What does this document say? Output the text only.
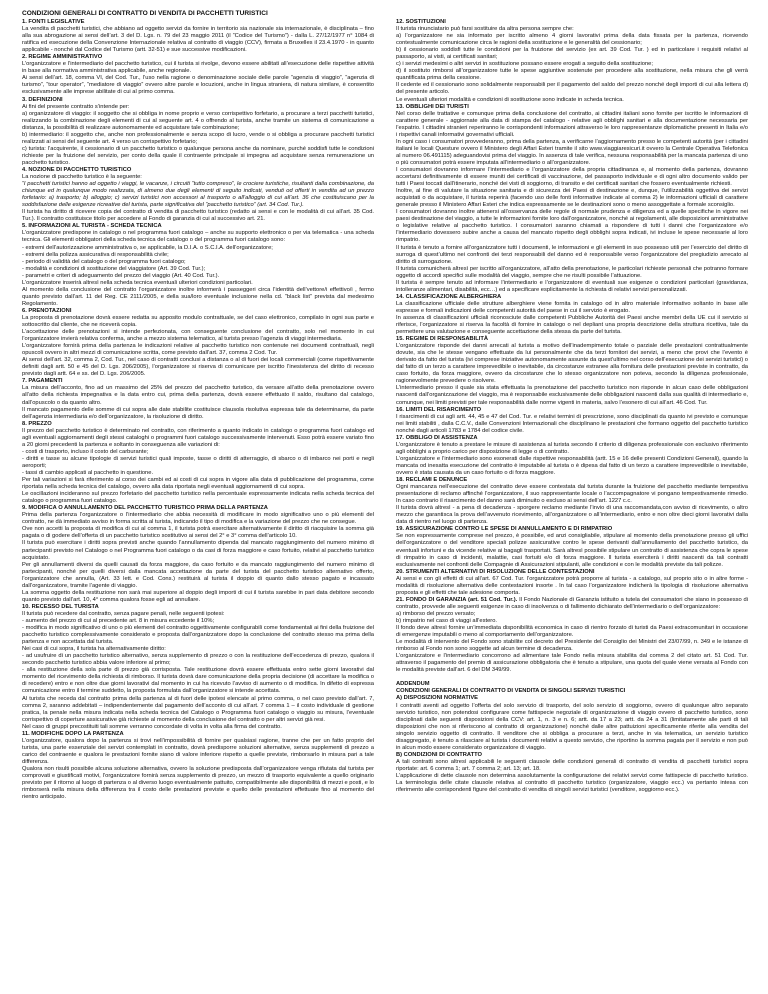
CONDIZIONI GENERALI DI CONTRATTO DI VENDITA DI PACCHETTI TURISTICI
1. FONTI LEGISLATIVE
La vendita di pacchetti turistici, che abbiano ad oggetto servizi da fornire in territorio sia nazionale sia internazionale, è disciplinata – fino alla sua abrogazione ai sensi dell’art. 3 del D. Lgs. n. 79 del 23 maggio 2011 (il “Codice del Turismo”) - dalla L. 27/12/1977 n° 1084 di ratifica ed esecuzione della Convenzione Internazionale relativa al contratto di viaggio (CCV), firmata a Bruxelles il 23.4.1970 - in quanto applicabile - nonché dal Codice del Turismo (artt. 32-51) e sue successive modificazioni.
2. REGIME AMMINISTRATIVO
L’organizzatore e l’intermediario del pacchetto turistico, cui il turista si rivolge, devono essere abilitati all’esecuzione delle rispettive attività in base alla normativa amministrativa applicabile, anche regionale.
Ai sensi dell’art. 18, comma VI, del Cod. Tur., l’uso nella ragione o denominazione sociale delle parole “agenzia di viaggio”, “agenzia di turismo”, “tour operator”, “mediatore di viaggio” ovvero altre parole e locuzioni, anche in lingua straniera, di natura similare, è consentito esclusivamente alle imprese abilitate di cui al primo comma.
3. DEFINIZIONI
Ai fini del presente contratto s’intende per:
a) organizzatore di viaggio: il soggetto che si obbliga in nome proprio e verso corrispettivo forfetario, a procurare a terzi pacchetti turistici, realizzando la combinazione degli elementi di cui al seguente art. 4 o offrendo al turista, anche tramite un sistema di comunicazione a distanza, la possibilità di realizzare autonomamente ed acquistare tale combinazione;
b) intermediario: il soggetto che, anche non professionalmente e senza scopo di lucro, vende o si obbliga a procurare pacchetti turistici realizzati ai sensi del seguente art. 4 verso un corrispettivo forfetario;
c) turista: l’acquirente, il cessionario di un pacchetto turistico o qualunque persona anche da nominare, purché soddisfi tutte le condizioni richieste per la fruizione del servizio, per conto della quale il contraente principale si impegna ad acquistare senza remunerazione un pacchetto turistico.
4. NOZIONE DI PACCHETTO TURISTICO
La nozione di pacchetto turistico è la seguente:
“I pacchetti turistici hanno ad oggetto i viaggi, le vacanze, i circuiti “tutto compreso”, le crociere turistiche, risultanti dalla combinazione, da chiunque ed in qualunque modo realizzata, di almeno due degli elementi di seguito indicati, venduti od offerti in vendita ad un prezzo forfetario: a) trasporto; b) alloggio; c) servizi turistici non accessori al trasporto o all’alloggio di cui all’art. 36 che costituiscano per la soddisfazione delle esigenze ricreative del turista, parte significativa del “pacchetto turistico” (art. 34 Cod. Tur.).
Il turista ha diritto di ricevere copia del contratto di vendita di pacchetto turistico (redatto ai sensi e con le modalità di cui all’art. 35 Cod. Tur.). Il contratto costituisce titolo per accedere al Fondo di garanzia di cui al successivo art. 21.
5. INFORMAZIONI AL TURISTA - SCHEDA TECNICA
L’organizzatore predispone in catalogo o nel programma fuori catalogo – anche su supporto elettronico o per via telematica - una scheda tecnica. Gli elementi obbligatori della scheda tecnica del catalogo o del programma fuori catalogo sono:
- estremi dell’autorizzazione amministrativa o, se applicabile, la D.I.A. o S.C.I.A. dell’organizzatore;
- estremi della polizza assicurativa di responsabilità civile;
- periodo di validità del catalogo o del programma fuori catalogo;
- modalità e condizioni di sostituzione del viaggiatore (Art. 39 Cod. Tur.);
- parametri e criteri di adeguamento del prezzo del viaggio (Art. 40 Cod. Tur.).
L’organizzatore inserirà altresì nella scheda tecnica eventuali ulteriori condizioni particolari.
Al momento della conclusione del contratto l’organizzatore inoltre informerà i passeggeri circa l’identità dell’vettore/i effettivo/i , fermo quanto previsto dall’art. 11 del Reg. CE 2111/2005, e della sua/loro eventuale inclusione nella cd. “black list” prevista dal medesimo Regolamento.
6. PRENOTAZIONI
La proposta di prenotazione dovrà essere redatta su apposito modulo contrattuale, se del caso elettronico, compilato in ogni sua parte e sottoscritto dal cliente, che ne riceverà copia.
L’accettazione delle prenotazioni si intende perfezionata, con conseguente conclusione del contratto, solo nel momento in cui l’organizzatore invierà relativa conferma, anche a mezzo sistema telematico, al turista presso l’agenzia di viaggi intermediaria.
L’organizzatore fornirà prima della partenza le indicazioni relative al pacchetto turistico non contenute nei documenti contrattuali, negli opuscoli ovvero in altri mezzi di comunicazione scritta, come previsto dall’art. 37, comma 2 Cod. Tur.
Ai sensi dell’art. 32, comma 2, Cod. Tur., nel caso di contratti conclusi a distanza o al di fuori dei locali commerciali (come rispettivamente definiti dagli artt. 50 e 45 del D. Lgs. 206/2005), l’organizzatore si riserva di comunicare per iscritto l’inesistenza del diritto di recesso previsto dagli artt. 64 e ss. del D. Lgs. 206/2005.
7. PAGAMENTI
La misura dell’acconto, fino ad un massimo del 25% del prezzo del pacchetto turistico, da versare all’atto della prenotazione ovvero all’atto della richiesta impegnativa e la data entro cui, prima della partenza, dovrà essere effettuato il saldo, risultano dal catalogo, dall’opuscolo o da quanto altro.
Il mancato pagamento delle somme di cui sopra alle date stabilite costituisce clausola risolutiva espressa tale da determinarne, da parte dell’agenzia intermediaria e/o dell’organizzatore, la risoluzione di diritto.
8. PREZZO
Il prezzo del pacchetto turistico è determinato nel contratto, con riferimento a quanto indicato in catalogo o programma fuori catalogo ed agli eventuali aggiornamenti degli stessi cataloghi o programmi fuori catalogo successivamente intervenuti. Esso potrà essere variato fino a 20 giorni precedenti la partenza e soltanto in conseguenza alle variazioni di:
- costi di trasporto, incluso il costo del carburante;
- diritti e tasse su alcune tipologie di servizi turistici quali imposte, tasse o diritti di atterraggio, di sbarco o di imbarco nei porti e negli aeroporti;
- tassi di cambio applicati al pacchetto in questione.
Per tali variazioni si farà riferimento al corso dei cambi ed ai costi di cui sopra in vigore alla data di pubblicazione del programma, come riportata nella scheda tecnica del catalogo, ovvero alla data riportata negli eventuali aggiornamenti di cui sopra.
Le oscillazioni incideranno sul prezzo forfetario del pacchetto turistico nella percentuale espressamente indicata nella scheda tecnica del catalogo o programma fuori catalogo.
9. MODIFICA O ANNULLAMENTO DEL PACCHETTO TURISTICO PRIMA DELLA PARTENZA
Prima della partenza l’organizzatore o l’intermediario che abbia necessità di modificare in modo significativo uno o più elementi del contratto, ne dà immediato avviso in forma scritta al turista, indicando il tipo di modifica e la variazione del prezzo che ne consegue.
Ove non accetti la proposta di modifica di cui al comma 1, il turista potrà esercitare alternativamente il diritto di riacquisire la somma già pagata o di godere dell’offerta di un pacchetto turistico sostitutivo ai sensi del 2° e 3° comma dell’articolo 10.
Il turista può esercitare i diritti sopra previsti anche quando l’annullamento dipenda dal mancato raggiungimento del numero minimo di partecipanti previsto nel Catalogo o nel Programma fuori catalogo o da casi di forza maggiore e caso fortuito, relativi al pacchetto turistico acquistato.
Per gli annullamenti diversi da quelli causati da forza maggiore, da caso fortuito e da mancato raggiungimento del numero minimo di partecipanti, nonché per quelli diversi dalla mancata accettazione da parte del turista del pacchetto turistico alternativo offerto, l’organizzatore che annulla, (Art. 33 lett. e Cod. Cons.) restituirà al turista il doppio di quanto dallo stesso pagato e incassato dall’organizzatore, tramite l’agente di viaggio.
La somma oggetto della restituzione non sarà mai superiore al doppio degli importi di cui il turista sarebbe in pari data debitore secondo quanto previsto dall’art. 10, 4° comma qualora fosse egli ad annullare.
10. RECESSO DEL TURISTA
Il turista può recedere dal contratto, senza pagare penali, nelle seguenti ipotesi:
- aumento del prezzo di cui al precedente art. 8 in misura eccedente il 10%;
- modifica in modo significativo di uno o più elementi del contratto oggettivamente configurabili come fondamentali ai fini della fruizione del pacchetto turistico complessivamente considerato e proposta dall’organizzatore dopo la conclusione del contratto stesso ma prima della partenza e non accettata dal turista.
Nei casi di cui sopra, il turista ha alternativamente diritto:
- ad usufruire di un pacchetto turistico alternativo, senza supplemento di prezzo o con la restituzione dell’eccedenza di prezzo, qualora il secondo pacchetto turistico abbia valore inferiore al primo;
- alla restituzione della sola parte di prezzo già corrisposta. Tale restituzione dovrà essere effettuata entro sette giorni lavorativi dal momento del ricevimento della richiesta di rimborso. Il turista dovrà dare comunicazione della propria decisione (di accettare la modifica o di recedere) entro e non oltre due giorni lavorativi dal momento in cui ha ricevuto l’avviso di aumento o di modifica. In difetto di espressa comunicazione entro il termine suddetto, la proposta formulata dall’organizzatore si intende accettata.
Al turista che receda dal contratto prima della partenza al di fuori delle ipotesi elencate al primo comma, o nel caso previsto dall’art. 7, comma 2, saranno addebitati – indipendentemente dal pagamento dell’acconto di cui all’art. 7 comma 1 – il costo individuale di gestione pratica, la penale nella misura indicata nella scheda tecnica del Catalogo o Programma fuori catalogo o viaggio su misura, l’eventuale corrispettivo di coperture assicurative già richieste al momento della conclusione del contratto o per altri servizi già resi.
Nel caso di gruppi precostituiti tali somme verranno concordate di volta in volta alla firma del contratto.
11. MODIFICHE DOPO LA PARTENZA
L’organizzatore, qualora dopo la partenza si trovi nell’impossibilità di fornire per qualsiasi ragione, tranne che per un fatto proprio del turista, una parte essenziale dei servizi contemplati in contratto, dovrà predisporre soluzioni alternative, senza supplementi di prezzo a carico del contraente e qualora le prestazioni fornite siano di valore inferiore rispetto a quelle previste, rimborsarlo in misura pari a tale differenza.
Qualora non risulti possibile alcuna soluzione alternativa, ovvero la soluzione predisposta dall’organizzatore venga rifiutata dal turista per comprovati e giustificati motivi, l’organizzatore fornirà senza supplemento di prezzo, un mezzo di trasporto equivalente a quello originario previsto per il ritorno al luogo di partenza o al diverso luogo eventualmente pattuito, compatibilmente alle disponibilità di mezzi e posti, e lo rimborserà nella misura della differenza tra il costo delle prestazioni previste e quello delle prestazioni effettuate fino al momento del rientro anticipato.
12. SOSTITUZIONI
Il turista rinunciatario può farsi sostituire da altra persona sempre che:
a) l’organizzatore ne sia informato per iscritto almeno 4 giorni lavorativi prima della data fissata per la partenza, ricevendo contestualmente comunicazione circa le ragioni della sostituzione e le generalità del cessionario;
b) il cessionario soddisfi tutte le condizioni per la fruizione del servizio (ex art. 39 Cod. Tur. ) ed in particolare i requisiti relativi al passaporto, ai visti, ai certificati sanitari;
c) i servizi medesimi o altri servizi in sostituzione possano essere erogati a seguito della sostituzione;
d) il sostituto rimborsi all’organizzatore tutte le spese aggiuntive sostenute per procedere alla sostituzione, nella misura che gli verrà quantificata prima della cessione.
Il cedente ed il cessionario sono solidalmente responsabili per il pagamento del saldo del prezzo nonché degli importi di cui alla lettera d) del presente articolo.
Le eventuali ulteriori modalità e condizioni di sostituzione sono indicate in scheda tecnica.
13. OBBLIGHI DEI TURISTI
Nel corso delle trattative e comunque prima della conclusione del contratto, ai cittadini italiani sono fornite per iscritto le informazioni di carattere generale - aggiornate alla data di stampa del catalogo - relative agli obblighi sanitari e alla documentazione necessaria per l’espatrio. I cittadini stranieri reperiranno le corrispondenti informazioni attraverso le loro rappresentanze diplomatiche presenti in Italia e/o i rispettivi canali informativi governativi ufficiali.
In ogni caso i consumatori provvederanno, prima della partenza, a verificarne l’aggiornamento presso le competenti autorità (per i cittadini italiani le locali Questure ovvero il Ministero degli Affari Esteri tramite il sito www.viaggiaresicuri.it ovvero la Centrale Operativa Telefonica al numero 06.491115) adeguandovisi prima del viaggio. In assenza di tale verifica, nessuna responsabilità per la mancata partenza di uno o più consumatori potrà essere imputata all’intermediario o all’organizzatore.
I consumatori dovranno informare l’intermediario e l’organizzatore della propria cittadinanza e, al momento della partenza, dovranno accertarsi definitivamente di essere muniti dei certificati di vaccinazione, del passaporto individuale e di ogni altro documento valido per tutti i Paesi toccati dall’itinerario, nonché dei visti di soggiorno, di transito e dei certificati sanitari che fossero eventualmente richiesti.
Inoltre, al fine di valutare la situazione sanitaria e di sicurezza dei Paesi di destinazione e, dunque, l’utilizzabilità oggettiva dei servizi acquistati o da acquistare, il turista reperirà (facendo uso delle fonti informative indicate al comma 2) le informazioni ufficiali di carattere generale presso il Ministero Affari Esteri che indica espressamente se le destinazioni sono o meno assoggettate a formale sconsiglio.
I consumatori dovranno inoltre attenersi all’osservanza delle regole di normale prudenza e diligenza ed a quelle specifiche in vigore nei paesi destinazione del viaggio, a tutte le informazioni fornite loro dall’organizzatore, nonché ai regolamenti, alle disposizioni amministrative o legislative relative al pacchetto turistico. I consumatori saranno chiamati a rispondere di tutti i danni che l’organizzatore e/o l’intermediario dovessero subire anche a causa del mancato rispetto degli obblighi sopra indicati, ivi incluse le spese necessarie al loro rimpatrio.
Il turista è tenuto a fornire all’organizzatore tutti i documenti, le informazioni e gli elementi in suo possesso utili per l’esercizio del diritto di surroga di quest’ultimo nei confronti dei terzi responsabili del danno ed è responsabile verso l’organizzatore del pregiudizio arrecato al diritto di surrogazione.
Il turista comunicherà altresì per iscritto all’organizzatore, all’atto della prenotazione, le particolari richieste personali che potranno formare oggetto di accordi specifici sulle modalità del viaggio, sempre che ne risulti possibile l’attuazione.
Il turista è sempre tenuto ad informare l’intermediario e l’organizzatore di eventuali sue esigenze o condizioni particolari (gravidanza, intolleranze alimentari, disabilità, ecc…) ed a specificare esplicitamente la richiesta di relativi servizi personalizzati.
14. CLASSIFICAZIONE ALBERGHIERA
La classificazione ufficiale delle strutture alberghiere viene fornita in catalogo od in altro materiale informativo soltanto in base alle espresse e formali indicazioni delle competenti autorità del paese in cui il servizio è erogato.
In assenza di classificazioni ufficiali riconosciute dalle competenti Pubbliche Autorità dei Paesi anche membri della UE cui il servizio si riferisce, l’organizzatore si riserva la facoltà di fornire in catalogo o nel depliant una propria descrizione della struttura ricettiva, tale da permettere una valutazione e conseguente accettazione della stessa da parte del turista.
15. REGIME DI RESPONSABILITÀ
L’organizzatore risponde dei danni arrecati al turista a motivo dell’inadempimento totale o parziale delle prestazioni contrattualmente dovute, sia che le stesse vengano effettuate da lui personalmente che da terzi fornitori dei servizi, a meno che provi che l’evento è derivato da fatto del turista (ivi comprese iniziative autonomamente assunte da quest’ultimo nel corso dell’esecuzione dei servizi turistici) o dal fatto di un terzo a carattere imprevedibile o inevitabile, da circostanze estranee alla fornitura delle prestazioni previste in contratto, da caso fortuito, da forza maggiore, ovvero da circostanze che lo stesso organizzatore non poteva, secondo la diligenza professionale, ragionevolmente prevedere o risolvere.
L’intermediario presso il quale sia stata effettuata la prenotazione del pacchetto turistico non risponde in alcun caso delle obbligazioni nascenti dall’organizzazione del viaggio, ma è responsabile esclusivamente delle obbligazioni nascenti dalla sua qualità di intermediario e, comunque, nei limiti previsti per tale responsabilità dalle norme vigenti in materia, salvo l’esonero di cui all’art. 46 Cod. Tur.
16. LIMITI DEL RISARCIMENTO
I risarcimenti di cui agli artt. 44, 45 e 47 del Cod. Tur. e relativi termini di prescrizione, sono disciplinati da quanto ivi previsto e comunque nei limiti stabiliti , dalla C.C.V., dalle Convenzioni Internazionali che disciplinano le prestazioni che formano oggetto del pacchetto turistico nonché dagli articoli 1783 e 1784 del codice civile.
17. OBBLIGO DI ASSISTENZA
L’organizzatore è tenuto a prestare le misure di assistenza al turista secondo il criterio di diligenza professionale con esclusivo riferimento agli obblighi a proprio carico per disposizione di legge o di contratto.
L’organizzatore e l’intermediario sono esonerati dalle rispettive responsabilità (artt. 15 e 16 delle presenti Condizioni Generali), quando la mancata od inesatta esecuzione del contratto è imputabile al turista o è dipesa dal fatto di un terzo a carattere imprevedibile o inevitabile, ovvero è stata causata da un caso fortuito o di forza maggiore.
18. RECLAMI E DENUNCE
Ogni mancanza nell’esecuzione del contratto deve essere contestata dal turista durante la fruizione del pacchetto mediante tempestiva presentazione di reclamo affinché l’organizzatore, il suo rappresentante locale o l’accompagnatore vi pongano tempestivamente rimedio. In caso contrario il risarcimento del danno sarà diminuito o escluso ai sensi dell’art. 1227 c.c.
Il turista dovrà altresì - a pena di decadenza - sporgere reclamo mediante l’invio di una raccomandata,con avviso di ricevimento, o altro mezzo che garantisca la prova dell’avvenuto ricevimento, all’organizzatore o all’intermediario, entro e non oltre dieci giorni lavorativi dalla data di rientro nel luogo di partenza.
19. ASSICURAZIONE CONTRO LE SPESE DI ANNULLAMENTO E DI RIMPATRIO
Se non espressamente comprese nel prezzo, è possibile, ed anzi consigliabile, stipulare al momento della prenotazione presso gli uffici dell’organizzatore o del venditore speciali polizze assicurative contro le spese derivanti dall’annullamento del pacchetto turistico, da eventuali infortuni e da vicende relative ai bagagli trasportati. Sarà altresì possibile stipulare un contratto di assistenza che copra le spese di rimpatrio in caso di incidenti, malattie, casi fortuiti e/o di forza maggiore. Il turista eserciterà i diritti nascenti da tali contratti esclusivamente nei confronti delle Compagnie di Assicurazioni stipulanti, alle condizioni e con le modalità previste da tali polizze.
20. STRUMENTI ALTERNATIVI DI RISOLUZIONE DELLE CONTESTAZIONI
Ai sensi e con gli effetti di cui all’art. 67 Cod. Tur. l’organizzatore potrà proporre al turista - a catalogo, sul proprio sito o in altre forme - modalità di risoluzione alternativa delle contestazioni insorte . In tal caso l’organizzatore indicherà la tipologia di risoluzione alternativa proposta e gli effetti che tale adesione comporta.
21. FONDO DI GARANZIA (art. 51 Cod. Tur.). Il Fondo Nazionale di Garanzia istituito a tutela dei consumatori che siano in possesso di contratto, provvede alle seguenti esigenze in caso di insolvenza o di fallimento dichiarato dell’intermediario o dell’organizzatore:
a) rimborso del prezzo versato;
b) rimpatrio nel caso di viaggi all’estero.
Il fondo deve altresì fornire un’immediata disponibilità economica in caso di rientro forzato di turisti da Paesi extracomunitari in occasione di emergenze imputabili o meno al comportamento dell’organizzatore.
Le modalità di intervento del Fondo sono stabilite col decreto del Presidente del Consiglio dei Ministri del 23/07/99, n. 349 e le istanze di rimborso al Fondo non sono soggette ad alcun termine di decadenza.
L’organizzatore e l’intermediario concorrono ad alimentare tale Fondo nella misura stabilita dal comma 2 del citato art. 51 Cod. Tur. attraverso il pagamento del premio di assicurazione obbligatoria che è tenuto a stipulare, una quota del quale viene versata al Fondo con le modalità previste dall’art. 6 del DM 349/99.
ADDENDUM
CONDIZIONI GENERALI DI CONTRATTO DI VENDITA DI SINGOLI SERVIZI TURISTICI
A) DISPOSIZIONI NORMATIVE
I contratti aventi ad oggetto l’offerta del solo servizio di trasporto, del solo servizio di soggiorno, ovvero di qualunque altro separato servizio turistico, non potendosi configurare come fattispecie negoziale di organizzazione di viaggio ovvero di pacchetto turistico, sono disciplinati dalle seguenti disposizioni della CCV: art. 1, n. 3 e n. 6; artt. da 17 a 23; artt. da 24 a 31 (limitatamente alle parti di tali disposizioni che non si riferiscono al contratto di organizzazione) nonché dalle altre pattuizioni specificamente riferite alla vendita del singolo servizio oggetto di contratto. Il venditore che si obbliga a procurare a terzi, anche in via telematica, un servizio turistico disaggregato, è tenuto a rilasciare al turista i documenti relativi a questo servizio, che riportino la somma pagata per il servizio e non può in alcun modo essere considerato organizzatore di viaggio.
B) CONDIZIONI DI CONTRATTO
A tali contratti sono altresì applicabili le seguenti clausole delle condizioni generali di contratto di vendita di pacchetti turistici sopra riportate: art. 6 comma 1; art. 7 comma 2; art. 13; art. 18.
L’applicazione di dette clausole non determina assolutamente la configurazione dei relativi servizi come fattispecie di pacchetto turistico. La terminologia delle citate clausole relativa al contratto di pacchetto turistico (organizzatore, viaggio ecc.) va pertanto intesa con riferimento alle corrispondenti figure del contratto di vendita di singoli servizi turistici (venditore, soggiorno ecc.).
